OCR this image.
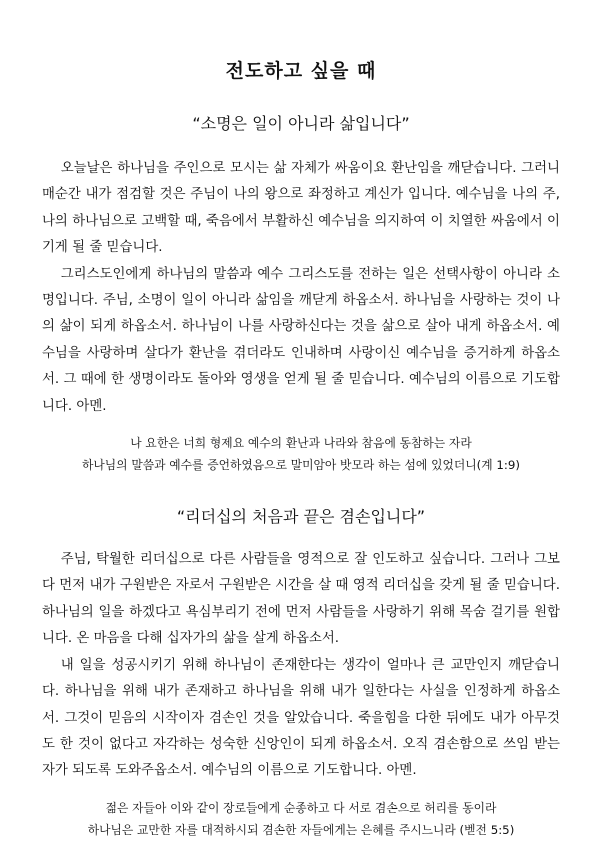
전도하고 싶을 때
“소명은 일이 아니라 삶입니다”

오늘날은 하나님을 주인으로 모시는 삶 자체가 싸움이요 환난임을 깨닫습니다. 그러니 매순간 내가 점검할 것은 주님이 나의 왕으로 좌정하고 계신가 입니다. 예수님을 나의 주, 나의 하나님으로 고백할 때, 죽음에서 부활하신 예수님을 의지하여 이 치열한 싸움에서 이기게 될 줄 믿습니다.

그리스도인에게 하나님의 말씀과 예수 그리스도를 전하는 일은 선택사항이 아니라 소명입니다. 주님, 소명이 일이 아니라 삶임을 깨닫게 하옵소서. 하나님을 사랑하는 것이 나의 삶이 되게 하옵소서. 하나님이 나를 사랑하신다는 것을 삶으로 살아 내게 하옵소서. 예수님을 사랑하며 살다가 환난을 겪더라도 인내하며 사랑이신 예수님을 증거하게 하옵소서. 그 때에 한 생명이라도 돌아와 영생을 얻게 될 줄 믿습니다. 예수님의 이름으로 기도합니다. 아멘.

나 요한은 너희 형제요 예수의 환난과 나라와 참음에 동참하는 자라
하나님의 말씀과 예수를 증언하였음으로 말미암아 밧모라 하는 섬에 있었더니(계 1:9)
“리더십의 처음과 끝은 겸손입니다”

주님, 탁월한 리더십으로 다른 사람들을 영적으로 잘 인도하고 싶습니다. 그러나 그보다 먼저 내가 구원받은 자로서 구원받은 시간을 살 때 영적 리더십을 갖게 될 줄 믿습니다. 하나님의 일을 하겠다고 욕심부리기 전에 먼저 사람들을 사랑하기 위해 목숨 걸기를 원합니다. 온 마음을 다해 십자가의 삶을 살게 하옵소서.

내 일을 성공시키기 위해 하나님이 존재한다는 생각이 얼마나 큰 교만인지 깨닫습니다. 하나님을 위해 내가 존재하고 하나님을 위해 내가 일한다는 사실을 인정하게 하옵소서. 그것이 믿음의 시작이자 겸손인 것을 알았습니다. 죽을힘을 다한 뒤에도 내가 아무것도 한 것이 없다고 자각하는 성숙한 신앙인이 되게 하옵소서. 오직 겸손함으로 쓰임 받는 자가 되도록 도와주옵소서. 예수님의 이름으로 기도합니다. 아멘.

젊은 자들아 이와 같이 장로들에게 순종하고 다 서로 겸손으로 허리를 동이라
하나님은 교만한 자를 대적하시되 겸손한 자들에게는 은혜를 주시느니라 (벧전 5:5)
